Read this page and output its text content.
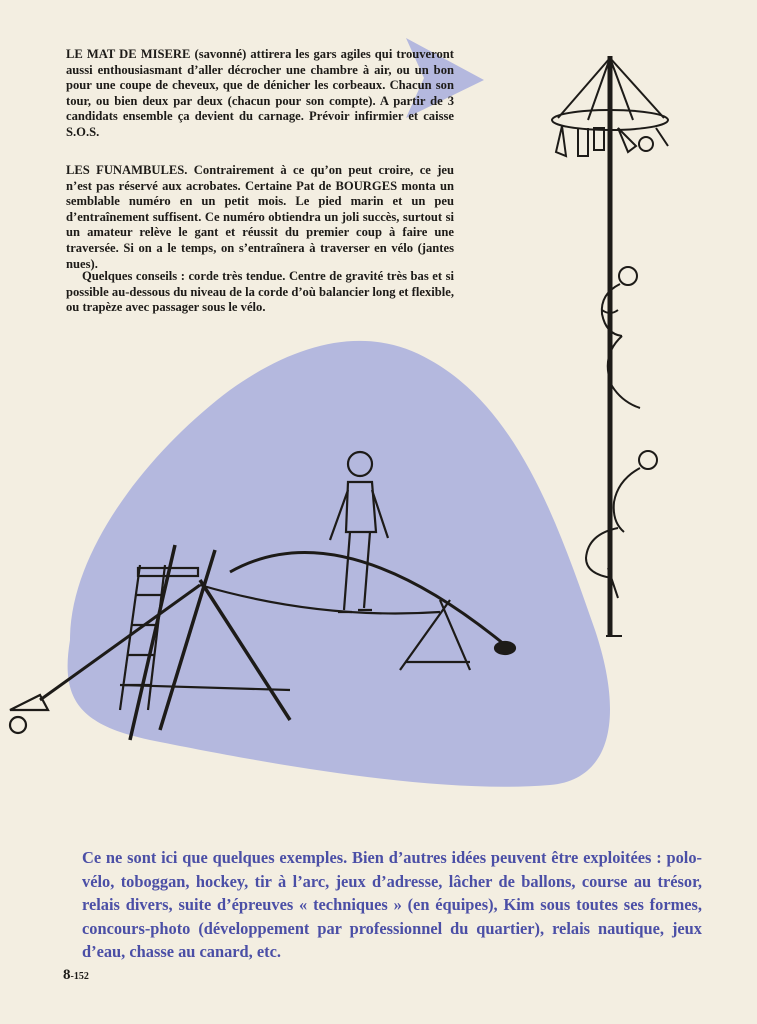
LE MAT DE MISERE (savonné) attirera les gars agiles qui trouveront aussi enthousiasmant d’aller décrocher une chambre à air, ou un bon pour une coupe de cheveux, que de dénicher les corbeaux. Chacun son tour, ou bien deux par deux (chacun pour son compte). A partir de 3 candidats ensemble ça devient du carnage. Prévoir infirmier et caisse S.O.S.

LES FUNAMBULES. Contrairement à ce qu’on peut croire, ce jeu n’est pas réservé aux acrobates. Certaine Pat de BOURGES monta un semblable numéro en un petit mois. Le pied marin et un peu d’entraînement suffisent. Ce numéro obtiendra un joli succès, surtout si un amateur relève le gant et réussit du premier coup à faire une traversée. Si on a le temps, on s’entraînera à traverser en vélo (jantes nues).

Quelques conseils : corde très tendue. Centre de gravité très bas et si possible au-dessous du niveau de la corde d’où balancier long et flexible, ou trapèze avec passager sous le vélo.

Ce ne sont ici que quelques exemples. Bien d’autres idées peuvent être exploitées : polo-vélo, toboggan, hockey, tir à l’arc, jeux d’adresse, lâcher de ballons, course au trésor, relais divers, suite d’épreuves « techniques » (en équipes), Kim sous toutes ses formes, concours-photo (développement par professionnel du quartier), relais nautique, jeux d’eau, chasse au canard, etc.

8-152
